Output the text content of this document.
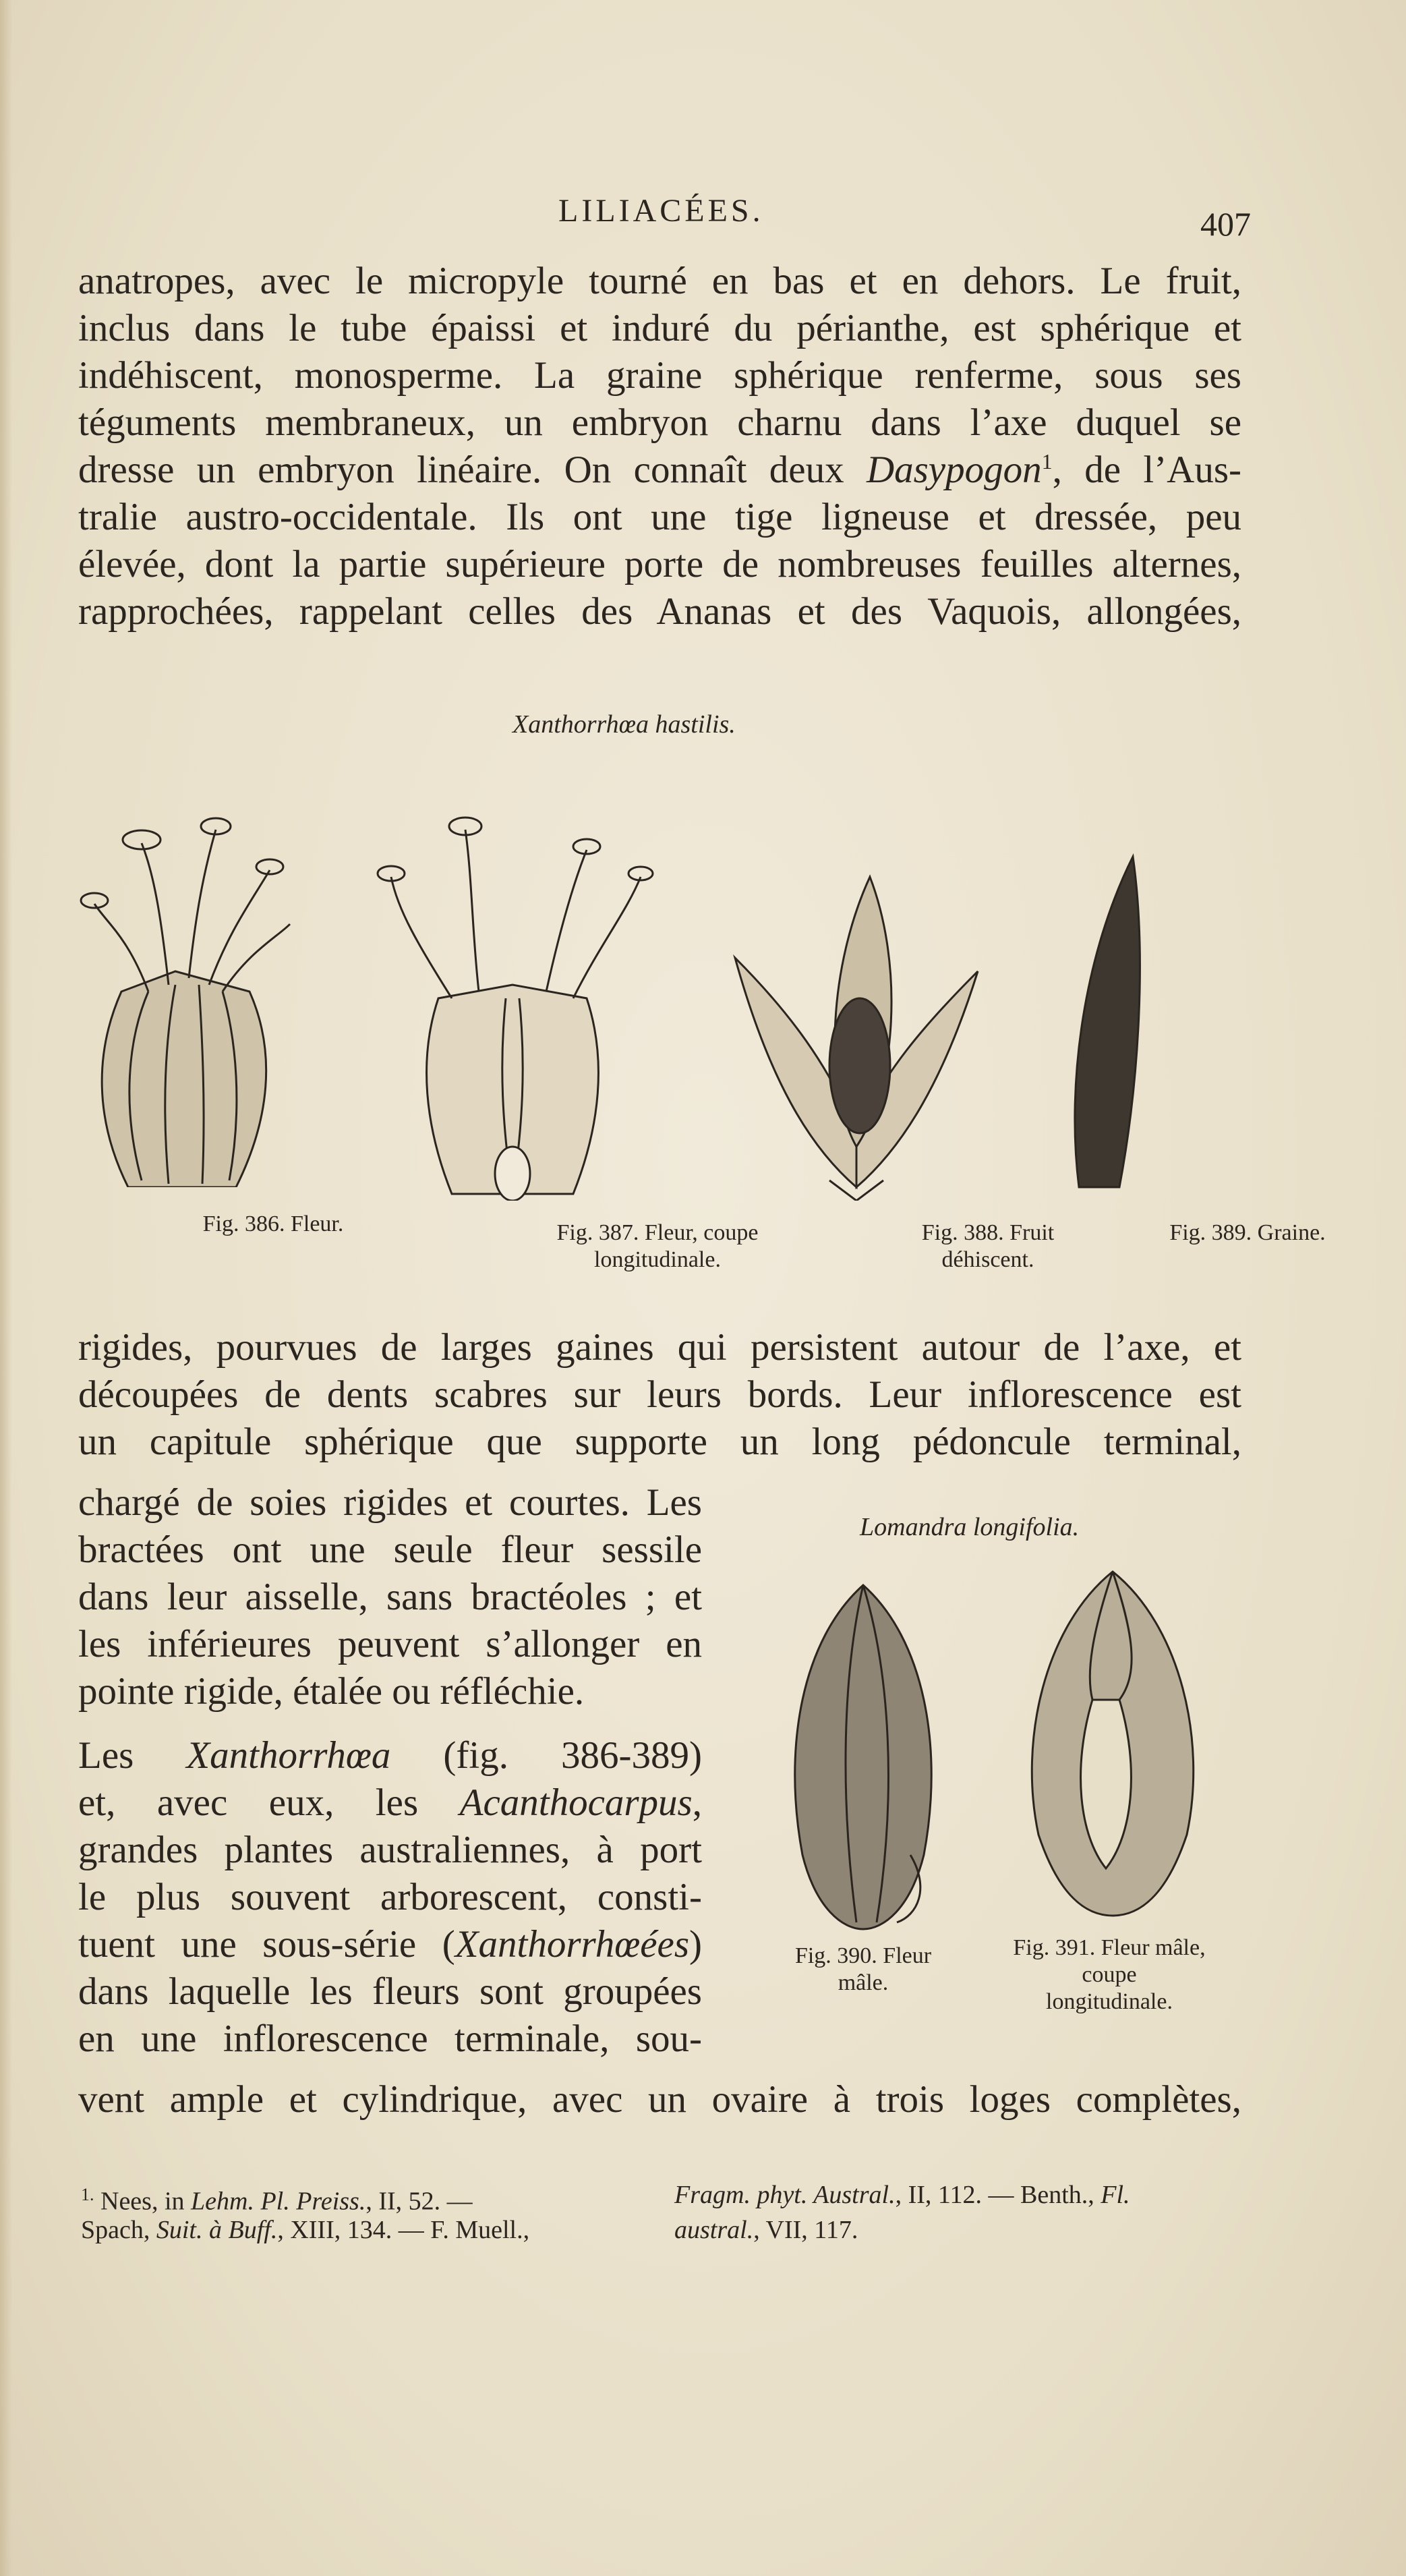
LILIACÉES.	407
anatropes, avec le micropyle tourné en bas et en dehors. Le fruit,
inclus dans le tube épaissi et induré du périanthe, est sphérique et
indéhiscent, monosperme. La graine sphérique renferme, sous ses
téguments membraneux, un embryon charnu dans l’axe duquel se
dresse un embryon linéaire. On connaît deux Dasypogon$^1$, de l’Aus-
tralie austro-occidentale. Ils ont une tige ligneuse et dressée, peu
élevée, dont la partie supérieure porte de nombreuses feuilles alternes,
rapprochées, rappelant celles des Ananas et des Vaquois, allongées,
Xanthorrhœa hastilis.
Fig. 386. Fleur.	Fig. 387. Fleur, coupe
longitudinale.
Fig. 388. Fruit
déhiscent.
Fig. 389. Graine.
rigides, pourvues de larges gaines qui persistent autour de l’axe, et
découpées de dents scabres sur leurs bords. Leur inflorescence est
un capitule sphérique que supporte un long pédoncule terminal,
chargé de soies rigides et courtes. Les
bractées ont une seule fleur sessile
dans leur aisselle, sans bractéoles ; et
les inférieures peuvent s’allonger en
pointe rigide, étalée ou réfléchie.
Les Xanthorrhœa (fig. 386-389)
et, avec eux, les Acanthocarpus,
grandes plantes australiennes, à port
le plus souvent arborescent, consti-
tuent une sous-série (Xanthorrhœées)
dans laquelle les fleurs sont groupées
en une inflorescence terminale, sou-
vent ample et cylindrique, avec un ovaire à trois loges complètes,
Lomandra longifolia.
Fig. 390. Fleur
mâle.
Fig. 391. Fleur mâle,
coupe
longitudinale.
$^{1.}$ Nees, in Lehm. Pl. Preiss., II, 52. —
Spach, Suit. à Buff., XIII, 134. — F. Muell.,
Fragm. phyt. Austral., II, 112. — Benth., Fl.
austral., VII, 117.
